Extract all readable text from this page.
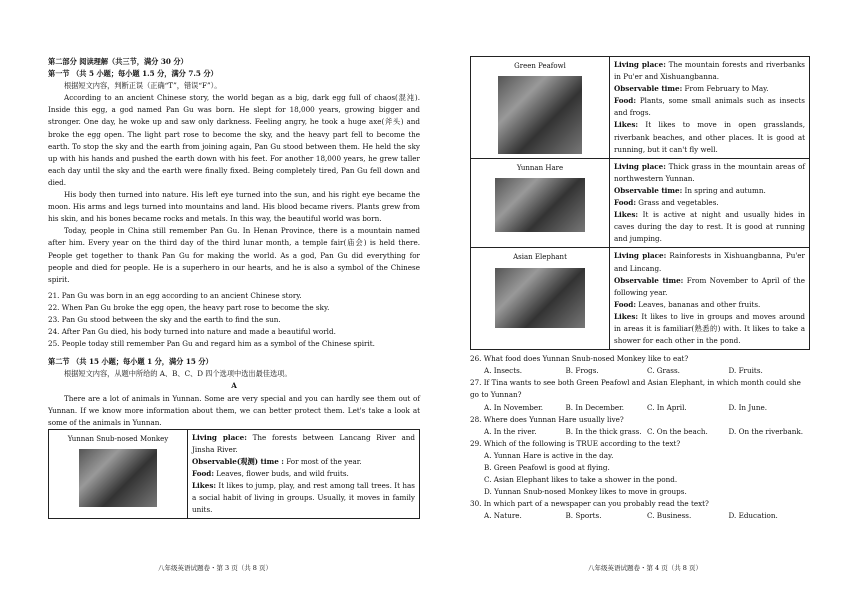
第二部分 阅读理解（共三节，满分 30 分）
第一节 （共 5 小题；每小题 1.5 分，满分 7.5 分）
根据短文内容，判断正误（正确“T”，错误“F”）。

According to an ancient Chinese story, the world began as a big, dark egg full of chaos(混沌). Inside this egg, a god named Pan Gu was born. He slept for 18,000 years, growing bigger and stronger. One day, he woke up and saw only darkness. Feeling angry, he took a huge axe(斧头) and broke the egg open. The light part rose to become the sky, and the heavy part fell to become the earth. To stop the sky and the earth from joining again, Pan Gu stood between them. He held the sky up with his hands and pushed the earth down with his feet. For another 18,000 years, he grew taller each day until the sky and the earth were finally fixed. Being completely tired, Pan Gu fell down and died.

His body then turned into nature. His left eye turned into the sun, and his right eye became the moon. His arms and legs turned into mountains and land. His blood became rivers. Plants grew from his skin, and his bones became rocks and metals. In this way, the beautiful world was born.

Today, people in China still remember Pan Gu. In Henan Province, there is a mountain named after him. Every year on the third day of the third lunar month, a temple fair(庙会) is held there. People get together to thank Pan Gu for making the world. As a god, Pan Gu did everything for people and died for people. He is a superhero in our hearts, and he is also a symbol of the Chinese spirit.

21. Pan Gu was born in an egg according to an ancient Chinese story.

22. When Pan Gu broke the egg open, the heavy part rose to become the sky.

23. Pan Gu stood between the sky and the earth to find the sun.

24. After Pan Gu died, his body turned into nature and made a beautiful world.

25. People today still remember Pan Gu and regard him as a symbol of the Chinese spirit.

第二节 （共 15 小题；每小题 1 分，满分 15 分）
根据短文内容，从题中所给的 A、B、C、D 四个选项中选出最佳选项。
A
There are a lot of animals in Yunnan. Some are very special and you can hardly see them out of Yunnan. If we know more information about them, we can better protect them. Let's take a look at some of the animals in Yunnan.
Yunnan Snub-nosed Monkey	Living place: The forests between Lancang River and Jinsha River.
Observable(观测) time : For most of the year.
Food: Leaves, flower buds, and wild fruits.
Likes: It likes to jump, play, and rest among tall trees. It has a social habit of living in groups. Usually, it moves in family units.
八年级英语试题卷・第 3 页（共 8 页）
Green Peafowl	Living place: The mountain forests and riverbanks in Pu'er and Xishuangbanna.
Observable time: From February to May.
Food: Plants, some small animals such as insects and frogs.
Likes: It likes to move in open grasslands, riverbank beaches, and other places. It is good at running, but it can't fly well.

Yunnan Hare	Living place: Thick grass in the mountain areas of northwestern Yunnan.
Observable time: In spring and autumn.
Food: Grass and vegetables.
Likes: It is active at night and usually hides in caves during the day to rest. It is good at running and jumping.

Asian Elephant	Living place: Rainforests in Xishuangbanna, Pu'er and Lincang.
Observable time: From November to April of the following year.
Food: Leaves, bananas and other fruits.
Likes: It likes to live in groups and moves around in areas it is familiar(熟悉的) with. It likes to take a shower for each other in the pond.

26. What food does Yunnan Snub-nosed Monkey like to eat?

A. Insects.	B. Frogs.	C. Grass.	D. Fruits.

27. If Tina wants to see both Green Peafowl and Asian Elephant, in which month could she go to Yunnan?

A. In November.	B. In December.	C. In April.	D. In June.

28. Where does Yunnan Hare usually live?

A. In the river.	B. In the thick grass. C. On the beach.	D. On the riverbank.

29. Which of the following is TRUE according to the text?

A. Yunnan Hare is active in the day.
B. Green Peafowl is good at flying.
C. Asian Elephant likes to take a shower in the pond.
D. Yunnan Snub-nosed Monkey likes to move in groups.

30. In which part of a newspaper can you probably read the text?

A. Nature.	B. Sports.	C. Business.	D. Education.
八年级英语试题卷・第 4 页（共 8 页）
